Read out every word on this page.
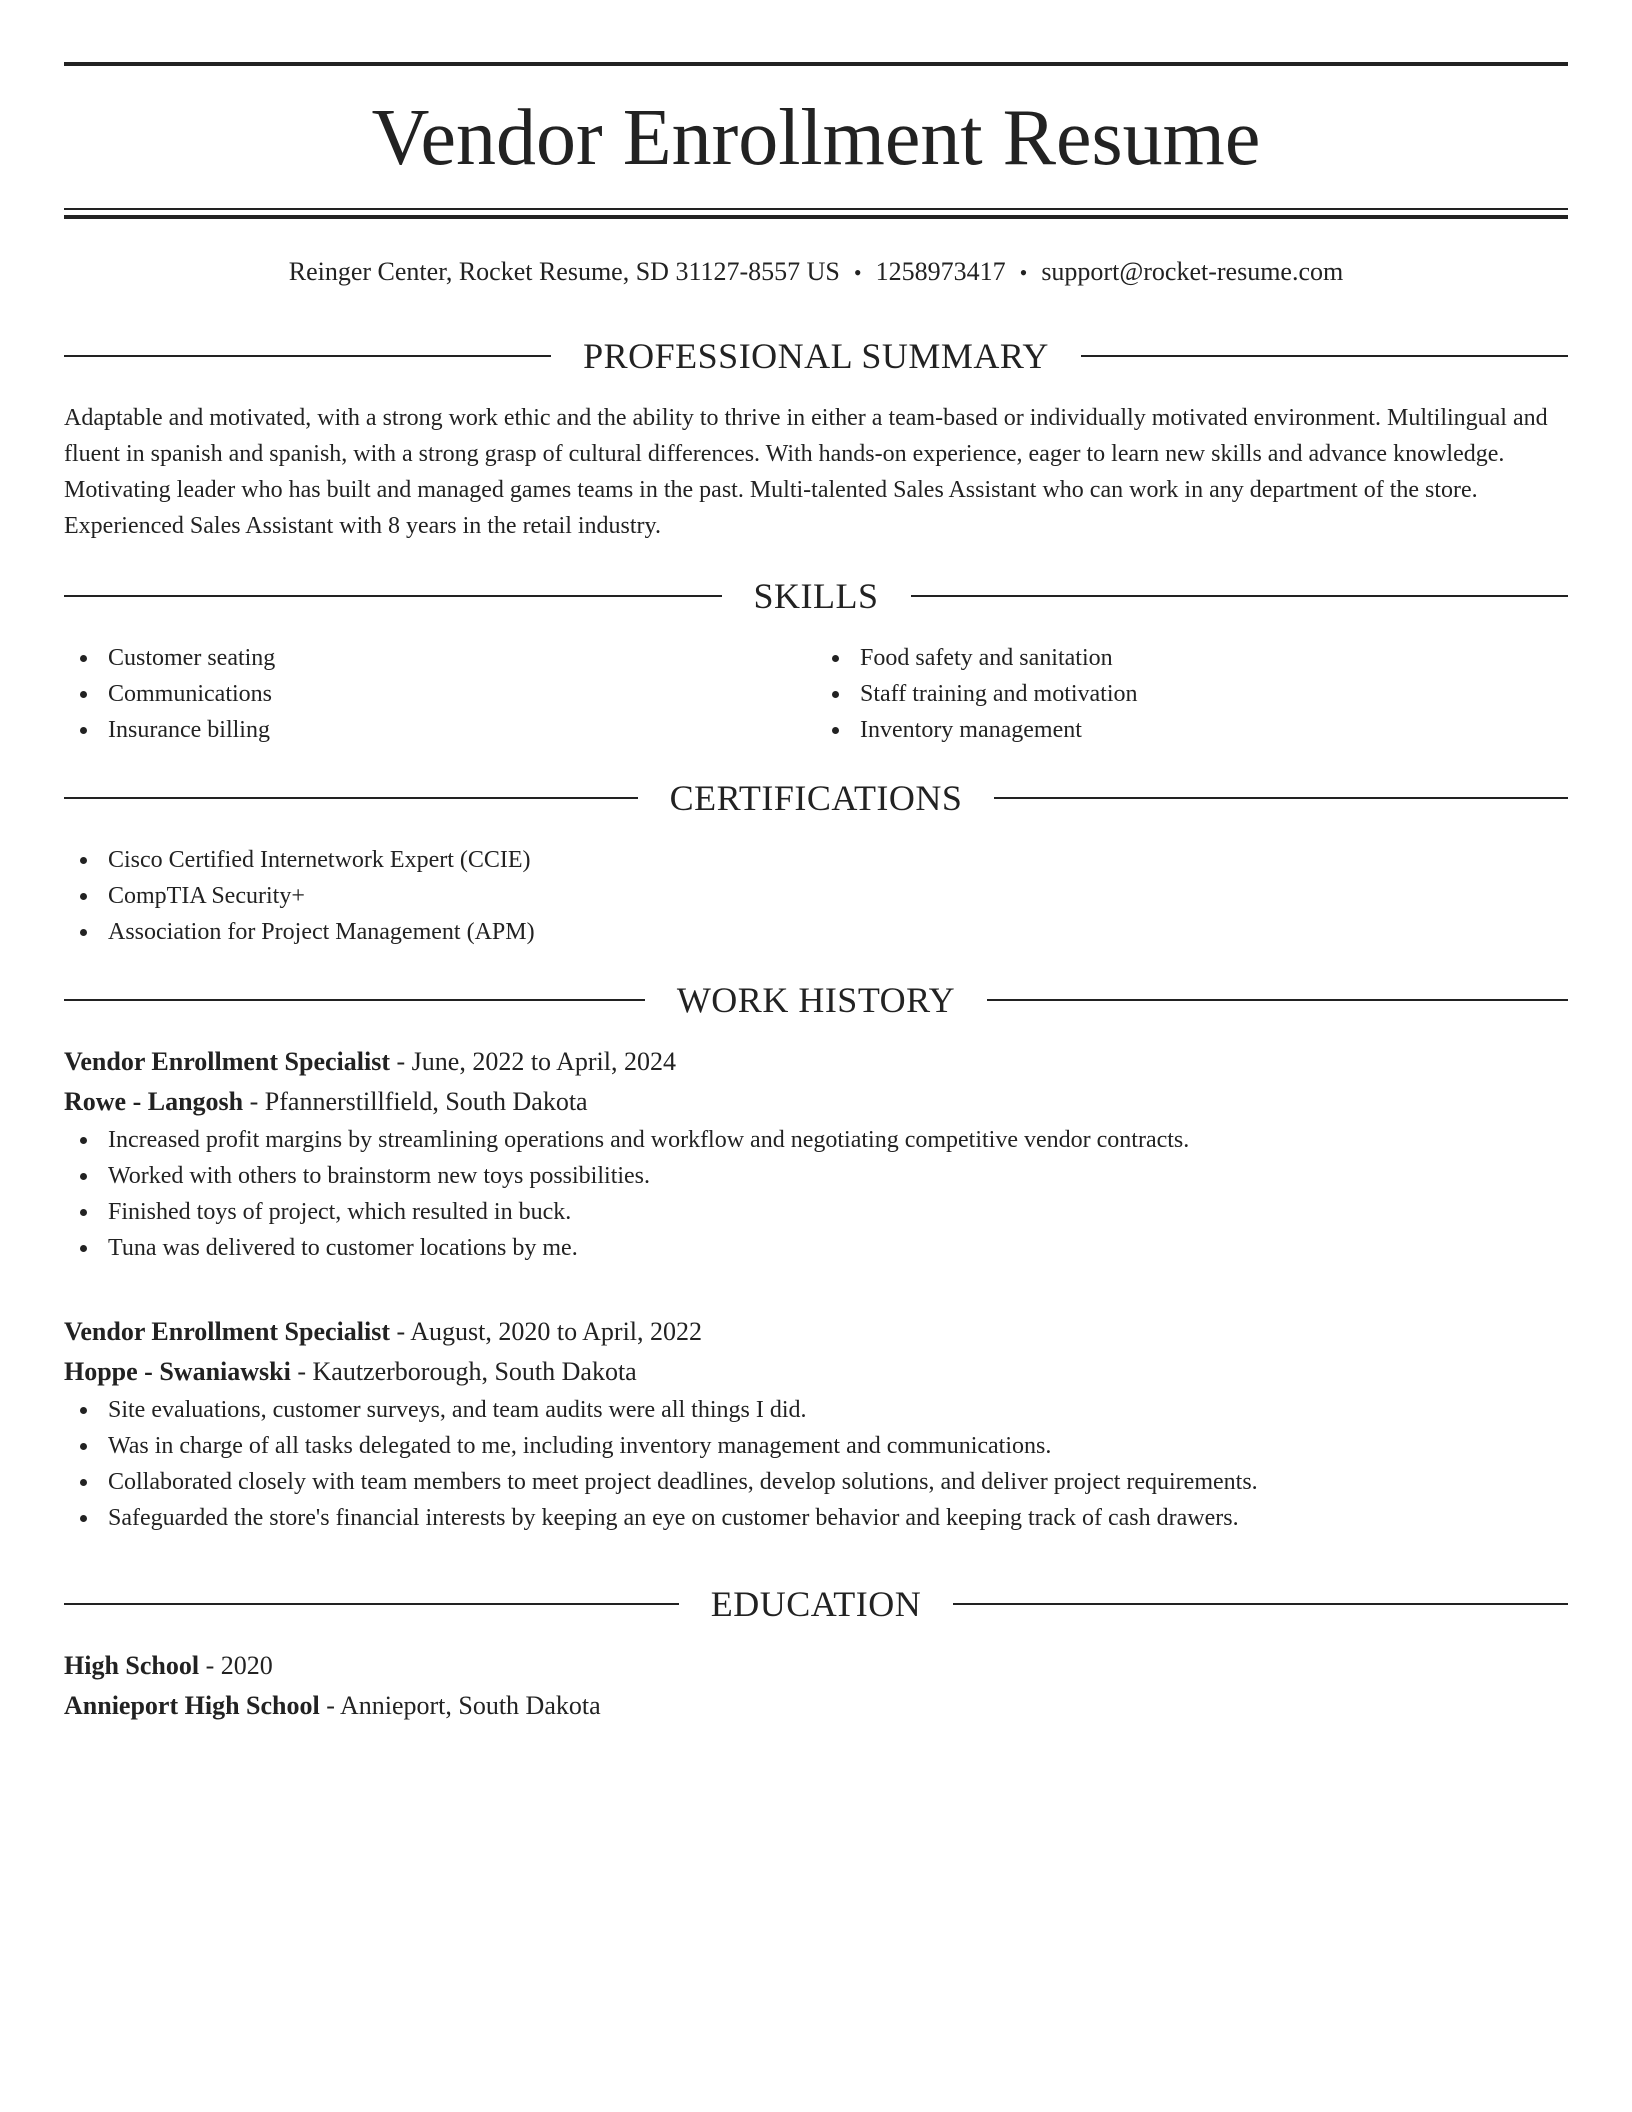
Vendor Enrollment Resume
Reinger Center, Rocket Resume, SD 31127-8557 US • 1258973417 • support@rocket-resume.com
PROFESSIONAL SUMMARY

Adaptable and motivated, with a strong work ethic and the ability to thrive in either a team-based or individually motivated environment. Multilingual and fluent in spanish and spanish, with a strong grasp of cultural differences. With hands-on experience, eager to learn new skills and advance knowledge. Motivating leader who has built and managed games teams in the past. Multi-talented Sales Assistant who can work in any department of the store. Experienced Sales Assistant with 8 years in the retail industry.

SKILLS
Customer seating
Communications
Insurance billing
Food safety and sanitation
Staff training and motivation
Inventory management
CERTIFICATIONS
Cisco Certified Internetwork Expert (CCIE)
CompTIA Security+
Association for Project Management (APM)
WORK HISTORY
Vendor Enrollment Specialist - June, 2022 to April, 2024
Rowe - Langosh - Pfannerstillfield, South Dakota
Increased profit margins by streamlining operations and workflow and negotiating competitive vendor contracts.
Worked with others to brainstorm new toys possibilities.
Finished toys of project, which resulted in buck.
Tuna was delivered to customer locations by me.
Vendor Enrollment Specialist - August, 2020 to April, 2022
Hoppe - Swaniawski - Kautzerborough, South Dakota
Site evaluations, customer surveys, and team audits were all things I did.
Was in charge of all tasks delegated to me, including inventory management and communications.
Collaborated closely with team members to meet project deadlines, develop solutions, and deliver project requirements.
Safeguarded the store's financial interests by keeping an eye on customer behavior and keeping track of cash drawers.
EDUCATION
High School - 2020
Annieport High School - Annieport, South Dakota
